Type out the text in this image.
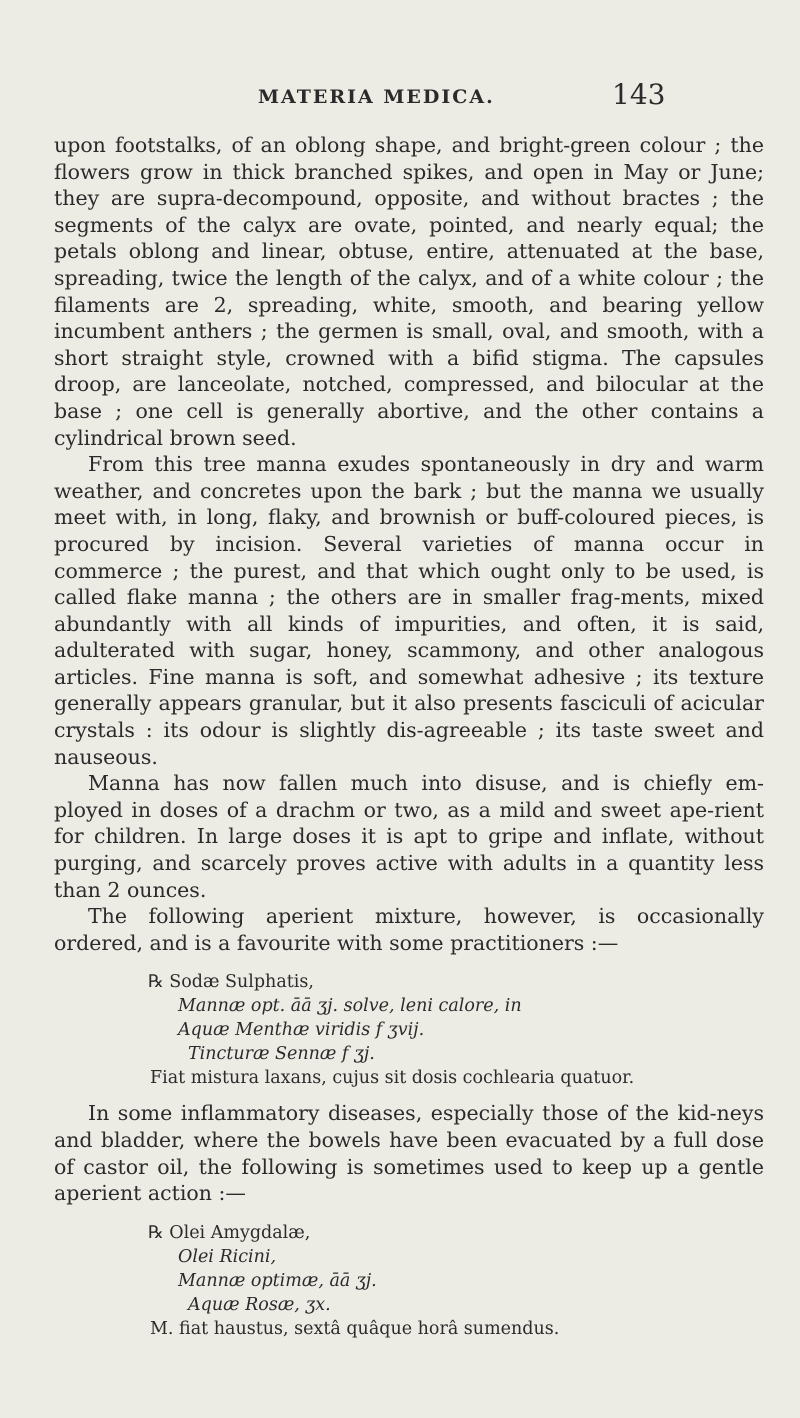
MATERIA MEDICA.	143

upon footstalks, of an oblong shape, and bright-green colour ; the flowers grow in thick branched spikes, and open in May or June; they are supra-decompound, opposite, and without bractes ; the segments of the calyx are ovate, pointed, and nearly equal; the petals oblong and linear, obtuse, entire, attenuated at the base, spreading, twice the length of the calyx, and of a white colour ; the filaments are 2, spreading, white, smooth, and bearing yellow incumbent anthers ; the germen is small, oval, and smooth, with a short straight style, crowned with a bifid stigma. The capsules droop, are lanceolate, notched, compressed, and bilocular at the base ; one cell is generally abortive, and the other contains a cylindrical brown seed.

From this tree manna exudes spontaneously in dry and warm weather, and concretes upon the bark ; but the manna we usually meet with, in long, flaky, and brownish or buff-coloured pieces, is procured by incision. Several varieties of manna occur in commerce ; the purest, and that which ought only to be used, is called flake manna ; the others are in smaller frag-ments, mixed abundantly with all kinds of impurities, and often, it is said, adulterated with sugar, honey, scammony, and other analogous articles. Fine manna is soft, and somewhat adhesive ; its texture generally appears granular, but it also presents fasciculi of acicular crystals : its odour is slightly dis-agreeable ; its taste sweet and nauseous.

Manna has now fallen much into disuse, and is chiefly em-ployed in doses of a drachm or two, as a mild and sweet ape-rient for children. In large doses it is apt to gripe and inflate, without purging, and scarcely proves active with adults in a quantity less than 2 ounces.

The following aperient mixture, however, is occasionally ordered, and is a favourite with some practitioners :—

℞ Sodæ Sulphatis,
Mannæ opt. āā ʒj. solve, leni calore, in
Aquæ Menthæ viridis f ʒvij.
Tincturæ Sennæ f ʒj.
Fiat mistura laxans, cujus sit dosis cochlearia quatuor.

In some inflammatory diseases, especially those of the kid-neys and bladder, where the bowels have been evacuated by a full dose of castor oil, the following is sometimes used to keep up a gentle aperient action :—

℞ Olei Amygdalæ,
Olei Ricini,
Mannæ optimæ, āā ʒj.
Aquæ Rosæ, ʒx.
M. fiat haustus, sextâ quâque horâ sumendus.
